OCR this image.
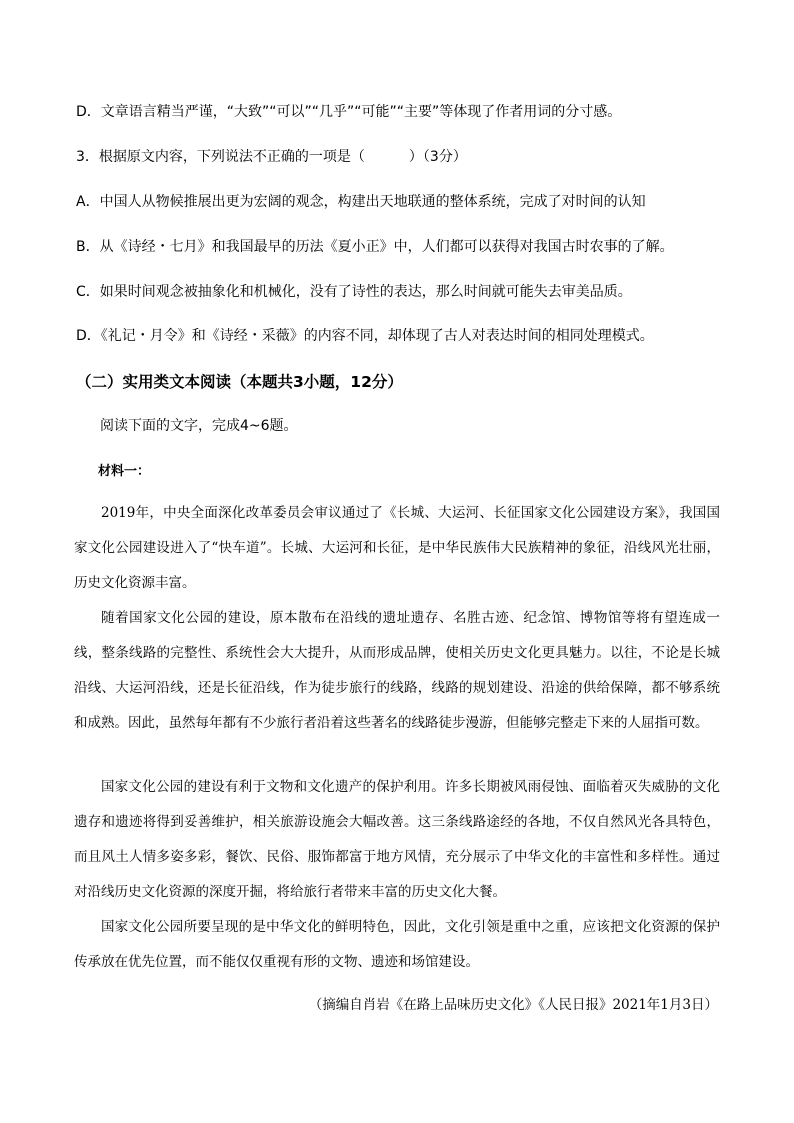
D．文章语言精当严谨，“大致”“可以”“几乎”“可能”“主要”等体现了作者用词的分寸感。
3．根据原文内容，下列说法不正确的一项是（	）（3分）
A．中国人从物候推展出更为宏阔的观念，构建出天地联通的整体系统，完成了对时间的认知
B．从《诗经・七月》和我国最早的历法《夏小正》中，人们都可以获得对我国古时农事的了解。
C．如果时间观念被抽象化和机械化，没有了诗性的表达，那么时间就可能失去审美品质。
D．《礼记・月令》和《诗经・采薇》的内容不同，却体现了古人对表达时间的相同处理模式。
（二）实用类文本阅读（本题共3小题，12分）
阅读下面的文字，完成4~6题。
材料一：
2019年，中央全面深化改革委员会审议通过了《长城、大运河、长征国家文化公园建设方案》，我国国家文化公园建设进入了“快车道”。长城、大运河和长征，是中华民族伟大民族精神的象征，沿线风光壮丽，历史文化资源丰富。
随着国家文化公园的建设，原本散布在沿线的遗址遗存、名胜古迹、纪念馆、博物馆等将有望连成一线，整条线路的完整性、系统性会大大提升，从而形成品牌，使相关历史文化更具魅力。以往，不论是长城沿线、大运河沿线，还是长征沿线，作为徒步旅行的线路，线路的规划建设、沿途的供给保障，都不够系统和成熟。因此，虽然每年都有不少旅行者沿着这些著名的线路徒步漫游，但能够完整走下来的人屈指可数。
国家文化公园的建设有利于文物和文化遗产的保护利用。许多长期被风雨侵蚀、面临着灭失威胁的文化遗存和遗迹将得到妥善维护，相关旅游设施会大幅改善。这三条线路途经的各地，不仅自然风光各具特色，而且风土人情多姿多彩，餐饮、民俗、服饰都富于地方风情，充分展示了中华文化的丰富性和多样性。通过对沿线历史文化资源的深度开掘，将给旅行者带来丰富的历史文化大餐。
国家文化公园所要呈现的是中华文化的鲜明特色，因此，文化引领是重中之重，应该把文化资源的保护传承放在优先位置，而不能仅仅重视有形的文物、遗迹和场馆建设。
（摘编自肖岩《在路上品味历史文化》《人民日报》2021年1月3日）
